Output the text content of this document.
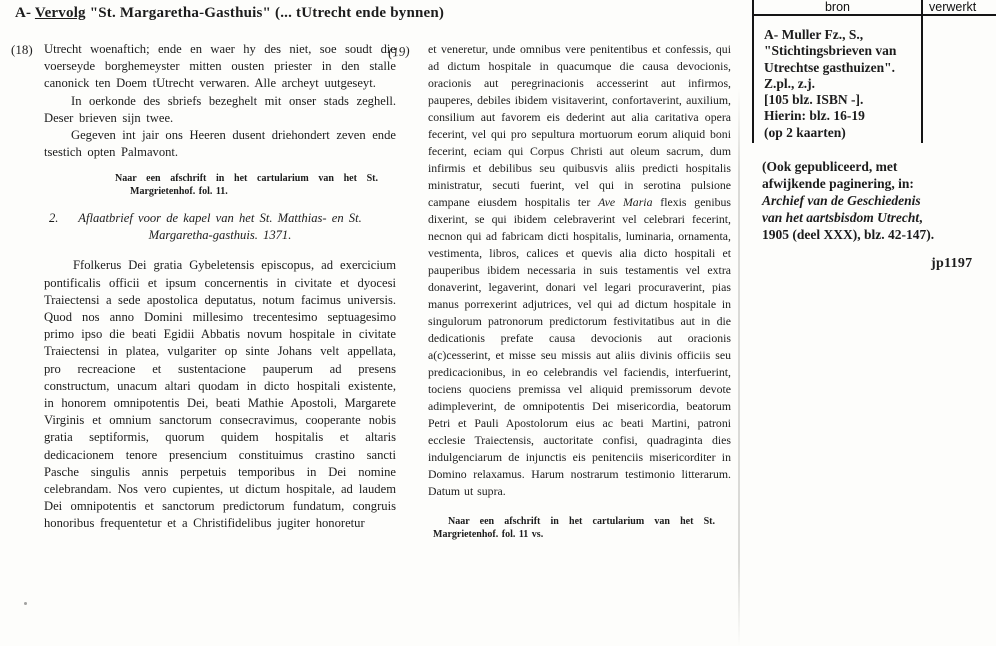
A- Vervolg "St. Margaretha-Gasthuis" (... tUtrecht ende bynnen)
(18)	(19)
Utrecht woenaftich; ende en waer hy des niet, soe soudt die voerseyde borghemeyster mitten ousten priester in den stalle canonick ten Doem tUtrecht verwaren. Alle archeyt uutgeseyt.
In oerkonde des sbriefs bezeghelt mit onser stads zeghell. Deser brieven sijn twee.
Gegeven int jair ons Heeren dusent driehondert zeven ende tsestich opten Palmavont.
Naar een afschrift in het cartularium van het St. Margrietenhof. fol. 11.
2. Aflaatbrief voor de kapel van het St. Matthias- en St. Margaretha-gasthuis. 1371.
Ffolkerus Dei gratia Gybeletensis episcopus, ad exercicium pontificalis officii et ipsum concernentis in civitate et dyocesi Traiectensi a sede apostolica deputatus, notum facimus universis. Quod nos anno Domini millesimo trecentesimo septuagesimo primo ipso die beati Egidii Abbatis novum hospitale in civitate Traiectensi in platea, vulgariter op sinte Johans velt appellata, pro recreacione et sustentacione pauperum ad presens constructum, unacum altari quodam in dicto hospitali existente, in honorem omnipotentis Dei, beati Mathie Apostoli, Margarete Virginis et omnium sanctorum consecravimus, cooperante nobis gratia septiformis, quorum quidem hospitalis et altaris dedicacionem tenore presencium constituimus crastino sancti Pasche singulis annis perpetuis temporibus in Dei nomine celebrandam. Nos vero cupientes, ut dictum hospitale, ad laudem Dei omnipotentis et sanctorum predictorum fundatum, congruis honoribus frequentetur et a Christifidelibus jugiter honoretur
et veneretur, unde omnibus vere penitentibus et confessis, qui ad dictum hospitale in quacumque die causa devocionis, oracionis aut peregrinacionis accesserint aut infirmos, pauperes, debiles ibidem visitaverint, confortaverint, auxilium, consilium aut favorem eis dederint aut alia caritativa opera fecerint, vel qui pro sepultura mortuorum eorum aliquid boni fecerint, eciam qui Corpus Christi aut oleum sacrum, dum infirmis et debilibus seu quibusvis aliis predicti hospitalis ministratur, secuti fuerint, vel qui in serotina pulsione campane eiusdem hospitalis ter Ave Maria flexis genibus dixerint, se qui ibidem celebraverint vel celebrari fecerint, necnon qui ad fabricam dicti hospitalis, luminaria, ornamenta, vestimenta, libros, calices et quevis alia dicto hospitali et pauperibus ibidem necessaria in suis testamentis vel extra donaverint, legaverint, donari vel legari procuraverint, pias manus porrexerint adjutrices, vel qui ad dictum hospitale in singulorum patronorum predictorum festivitatibus aut in die dedicationis prefate causa devocionis aut oracionis a(c)cesserint, et misse seu missis aut aliis divinis officiis seu predicacionibus, in eo celebrandis vel faciendis, interfuerint, tociens quociens premissa vel aliquid premissorum devote adimpleverint, de omnipotentis Dei misericordia, beatorum Petri et Pauli Apostolorum eius ac beati Martini, patroni ecclesie Traiectensis, auctoritate confisi, quadraginta dies indulgenciarum de injunctis eis penitenciis misericorditer in Domino relaxamus. Harum nostrarum testimonio litterarum. Datum ut supra.
Naar een afschrift in het cartularium van het St. Margrietenhof. fol. 11 vs.
bron	verwerkt
A- Muller Fz., S.,
"Stichtingsbrieven van
Utrechtse gasthuizen".
Z.pl., z.j.
[105 blz. ISBN -].
Hierin: blz. 16-19
(op 2 kaarten)
(Ook gepubliceerd, met afwijkende paginering, in: Archief van de Geschiedenis van het aartsbisdom Utrecht, 1905 (deel XXX), blz. 42-147).
jp1197
